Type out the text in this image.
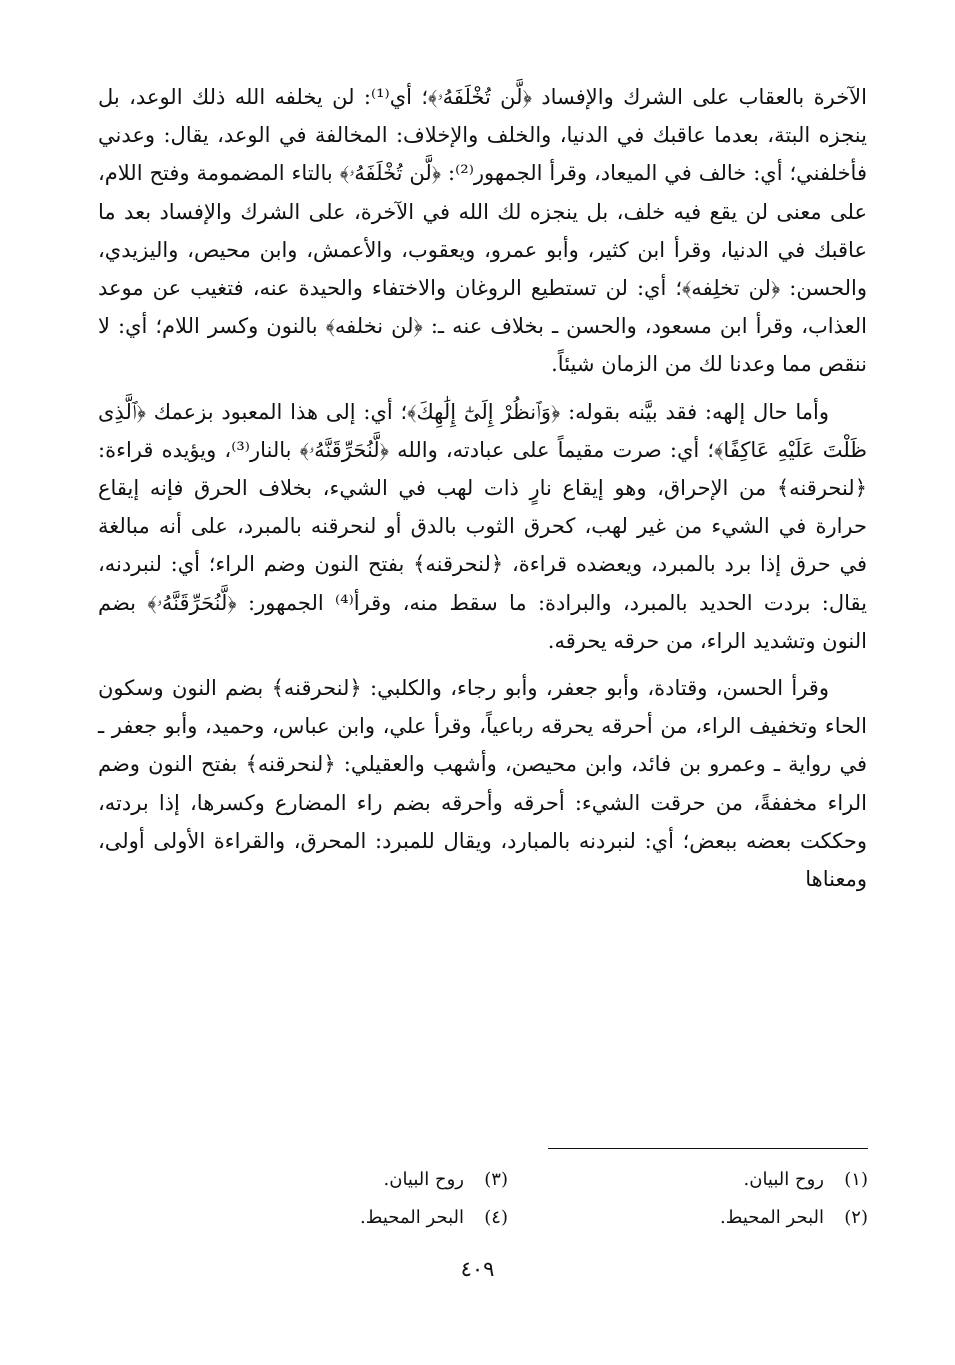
الآخرة بالعقاب على الشرك والإفساد ﴿لَّن تُخْلَفَهُۥ﴾؛ أي⁽¹⁾: لن يخلفه الله ذلك الوعد، بل ينجزه البتة، بعدما عاقبك في الدنيا، والخلف والإخلاف: المخالفة في الوعد، يقال: وعدني فأخلفني؛ أي: خالف في الميعاد، وقرأ الجمهور⁽²⁾: ﴿لَّن تُخْلَفَهُۥ﴾ بالتاء المضمومة وفتح اللام، على معنى لن يقع فيه خلف، بل ينجزه لك الله في الآخرة، على الشرك والإفساد بعد ما عاقبك في الدنيا، وقرأ ابن كثير، وأبو عمرو، ويعقوب، والأعمش، وابن محيص، واليزيدي، والحسن: ﴿لن تخلِفه﴾؛ أي: لن تستطيع الروغان والاختفاء والحيدة عنه، فتغيب عن موعد العذاب، وقرأ ابن مسعود، والحسن ـ بخلاف عنه ـ: ﴿لن نخلفه﴾ بالنون وكسر اللام؛ أي: لا ننقص مما وعدنا لك من الزمان شيئاً.

وأما حال إلهه: فقد بيَّنه بقوله: ﴿وَٱنظُرْ إِلَىٰٓ إِلَٰهِكَ﴾؛ أي: إلى هذا المعبود بزعمك ﴿ٱلَّذِى ظَلْتَ عَلَيْهِ عَاكِفًا﴾؛ أي: صرت مقيماً على عبادته، والله ﴿لَّنُحَرِّقَنَّهُۥ﴾ بالنار⁽³⁾، ويؤيده قراءة: ﴿لنحرقنه﴾ من الإحراق، وهو إيقاع نارٍ ذات لهب في الشيء، بخلاف الحرق فإنه إيقاع حرارة في الشيء من غير لهب، كحرق الثوب بالدق أو لنحرقنه بالمبرد، على أنه مبالغة في حرق إذا برد بالمبرد، ويعضده قراءة، ﴿لنحرقنه﴾ بفتح النون وضم الراء؛ أي: لنبردنه، يقال: بردت الحديد بالمبرد، والبرادة: ما سقط منه، وقرأ⁽⁴⁾ الجمهور: ﴿لَّنُحَرِّقَنَّهُۥ﴾ بضم النون وتشديد الراء، من حرقه يحرقه.

وقرأ الحسن، وقتادة، وأبو جعفر، وأبو رجاء، والكلبي: ﴿لنحرقنه﴾ بضم النون وسكون الحاء وتخفيف الراء، من أحرقه يحرقه رباعياً، وقرأ علي، وابن عباس، وحميد، وأبو جعفر ـ في رواية ـ وعمرو بن فائد، وابن محيصن، وأشهب والعقيلي: ﴿لنحرقنه﴾ بفتح النون وضم الراء مخففةً، من حرقت الشيء: أحرقه وأحرقه بضم راء المضارع وكسرها، إذا بردته، وحككت بعضه ببعض؛ أي: لنبردنه بالمبارد، ويقال للمبرد: المحرق، والقراءة الأولى أولى، ومعناها

(١)
روح البيان.
(٣)
روح البيان.
(٢)
البحر المحيط.
(٤)
البحر المحيط.
٤٠٩
